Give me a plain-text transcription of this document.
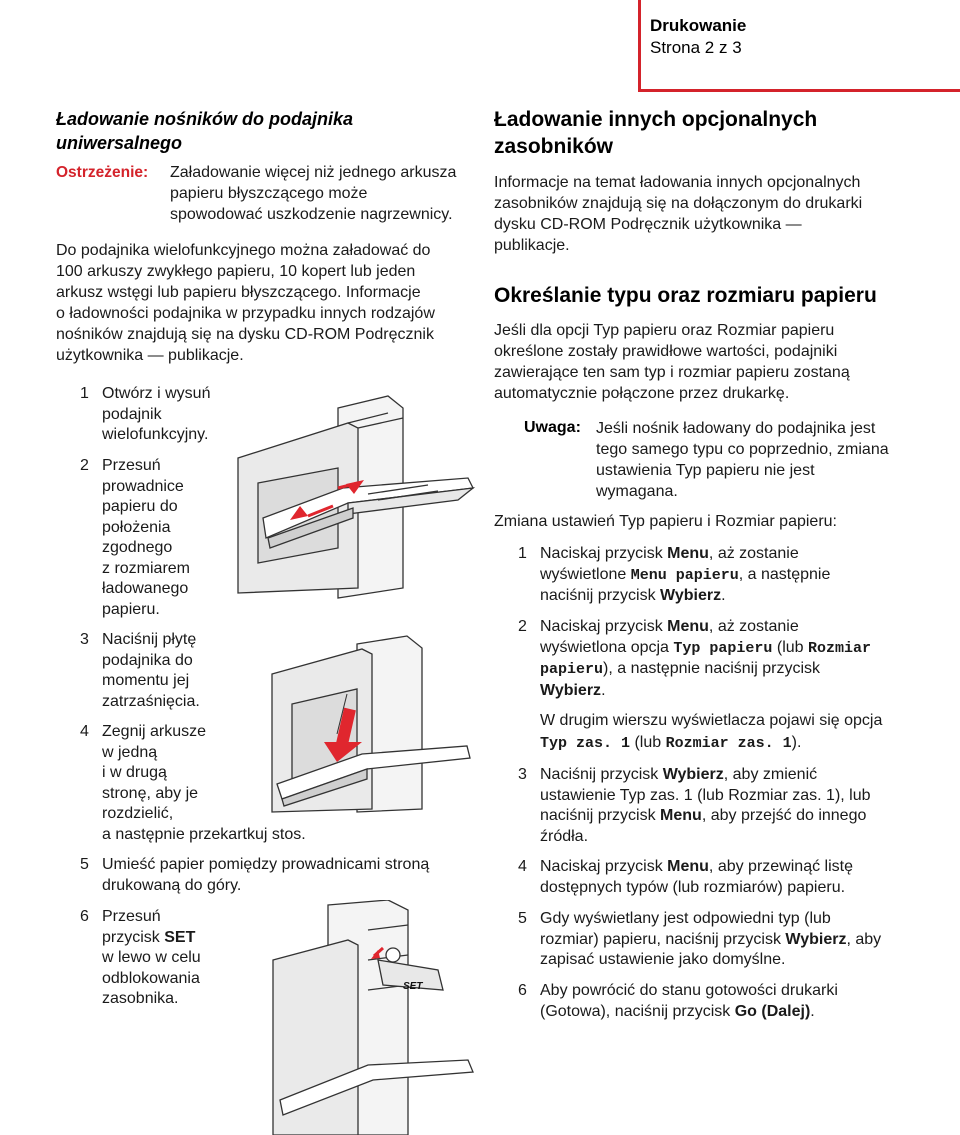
Drukowanie
Strona 2 z 3
Ładowanie nośników do podajnika
uniwersalnego
Ostrzeżenie: Załadowanie więcej niż jednego arkusza
papieru błyszczącego może
spowodować uszkodzenie nagrzewnicy.
Do podajnika wielofunkcyjnego można załadować do
100 arkuszy zwykłego papieru, 10 kopert lub jeden
arkusz wstęgi lub papieru błyszczącego. Informacje
o ładowności podajnika w przypadku innych rodzajów
nośników znajdują się na dysku CD-ROM Podręcznik
użytkownika — publikacje.
1 Otwórz i wysuń
podajnik
wielofunkcyjny.
2 Przesuń
prowadnice
papieru do
położenia
zgodnego
z rozmiarem
ładowanego
papieru.
3 Naciśnij płytę
podajnika do
momentu jej
zatrzaśnięcia.
4 Zegnij arkusze
w jedną
i w drugą
stronę, aby je
rozdzielić,
a następnie przekartkuj stos.
5 Umieść papier pomiędzy prowadnicami stroną
drukowaną do góry.
6 Przesuń
przycisk SET
w lewo w celu
odblokowania
zasobnika.
SET
Ładowanie innych opcjonalnych
zasobników
Informacje na temat ładowania innych opcjonalnych
zasobników znajdują się na dołączonym do drukarki
dysku CD-ROM Podręcznik użytkownika —
publikacje.
Określanie typu oraz rozmiaru papieru
Jeśli dla opcji Typ papieru oraz Rozmiar papieru
określone zostały prawidłowe wartości, podajniki
zawierające ten sam typ i rozmiar papieru zostaną
automatycznie połączone przez drukarkę.
Uwaga: Jeśli nośnik ładowany do podajnika jest
tego samego typu co poprzednio, zmiana
ustawienia Typ papieru nie jest
wymagana.
Zmiana ustawień Typ papieru i Rozmiar papieru:
1 Naciskaj przycisk Menu, aż zostanie
wyświetlone Menu papieru, a następnie
naciśnij przycisk Wybierz.
2 Naciskaj przycisk Menu, aż zostanie
wyświetlona opcja Typ papieru (lub Rozmiar
papieru), a następnie naciśnij przycisk
Wybierz.
W drugim wierszu wyświetlacza pojawi się opcja
Typ zas. 1 (lub Rozmiar zas. 1).
3 Naciśnij przycisk Wybierz, aby zmienić
ustawienie Typ zas. 1 (lub Rozmiar zas. 1), lub
naciśnij przycisk Menu, aby przejść do innego
źródła.
4 Naciskaj przycisk Menu, aby przewinąć listę
dostępnych typów (lub rozmiarów) papieru.
5 Gdy wyświetlany jest odpowiedni typ (lub
rozmiar) papieru, naciśnij przycisk Wybierz, aby
zapisać ustawienie jako domyślne.
6 Aby powrócić do stanu gotowości drukarki
(Gotowa), naciśnij przycisk Go (Dalej).
